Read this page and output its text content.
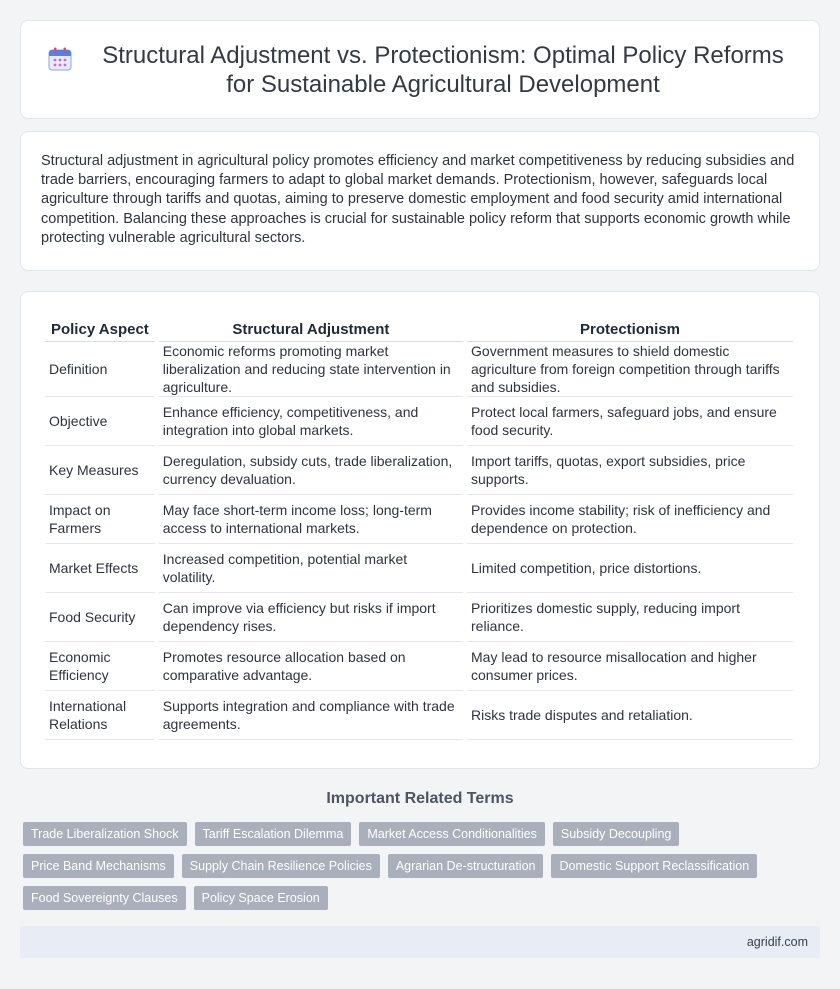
Structural Adjustment vs. Protectionism: Optimal Policy Reforms for Sustainable Agricultural Development

Structural adjustment in agricultural policy promotes efficiency and market competitiveness by reducing subsidies and trade barriers, encouraging farmers to adapt to global market demands. Protectionism, however, safeguards local agriculture through tariffs and quotas, aiming to preserve domestic employment and food security amid international competition. Balancing these approaches is crucial for sustainable policy reform that supports economic growth while protecting vulnerable agricultural sectors.

Policy Aspect	Structural Adjustment	Protectionism
Definition	Economic reforms promoting market liberalization and reducing state intervention in agriculture.	Government measures to shield domestic agriculture from foreign competition through tariffs and subsidies.
Objective	Enhance efficiency, competitiveness, and integration into global markets.	Protect local farmers, safeguard jobs, and ensure food security.
Key Measures	Deregulation, subsidy cuts, trade liberalization, currency devaluation.	Import tariffs, quotas, export subsidies, price supports.
Impact on Farmers	May face short-term income loss; long-term access to international markets.	Provides income stability; risk of inefficiency and dependence on protection.
Market Effects	Increased competition, potential market volatility.	Limited competition, price distortions.
Food Security	Can improve via efficiency but risks if import dependency rises.	Prioritizes domestic supply, reducing import reliance.
Economic Efficiency	Promotes resource allocation based on comparative advantage.	May lead to resource misallocation and higher consumer prices.
International Relations	Supports integration and compliance with trade agreements.	Risks trade disputes and retaliation.
Important Related Terms
Trade Liberalization Shock	Tariff Escalation Dilemma	Market Access Conditionalities	Subsidy Decoupling
Price Band Mechanisms	Supply Chain Resilience Policies	Agrarian De-structuration	Domestic Support Reclassification
Food Sovereignty Clauses	Policy Space Erosion
agridif.com
